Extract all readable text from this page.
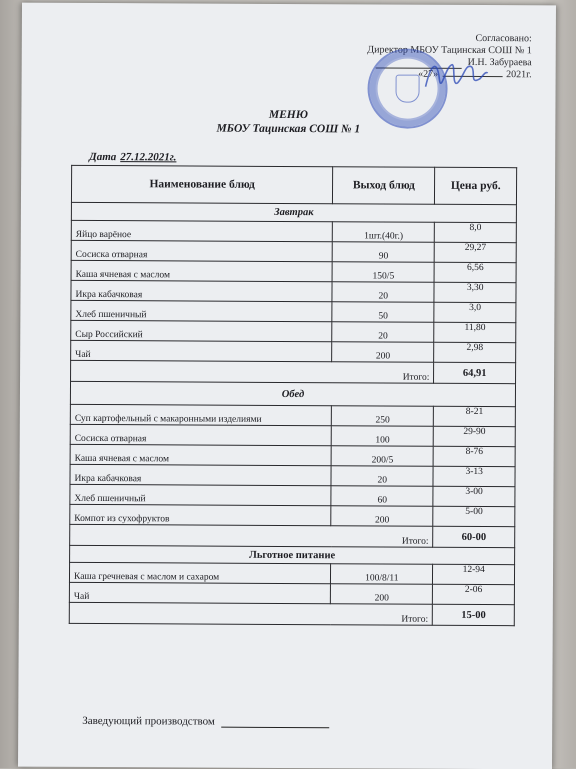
Согласовано:
Директор МБОУ Тацинская СОШ № 1
И.Н. Забураева
«27»	2021г.
МЕНЮ
МБОУ Тацинская СОШ № 1
Дата 27.12.2021г.
Наименование блюд	Выход блюд	Цена руб.
Завтрак		
Яйцо варёное	1шт.(40г.)	8,0
Сосиска отварная	90	29,27
Каша ячневая с маслом	150/5	6,56
Икра кабачковая	20	3,30
Хлеб пшеничный	50	3,0
Сыр Российский	20	11,80
Чай	200	2,98
Итого:		64,91
Обед		
Суп картофельный с макаронными изделиями	250	8-21
Сосиска отварная	100	29-90
Каша ячневая с маслом	200/5	8-76
Икра кабачковая	20	3-13
Хлеб пшеничный	60	3-00
Компот из сухофруктов	200	5-00
Итого:		60-00
Льготное питание		
Каша гречневая с маслом и сахаром	100/8/11	12-94
Чай	200	2-06
Итого:		15-00
Заведующий производством
